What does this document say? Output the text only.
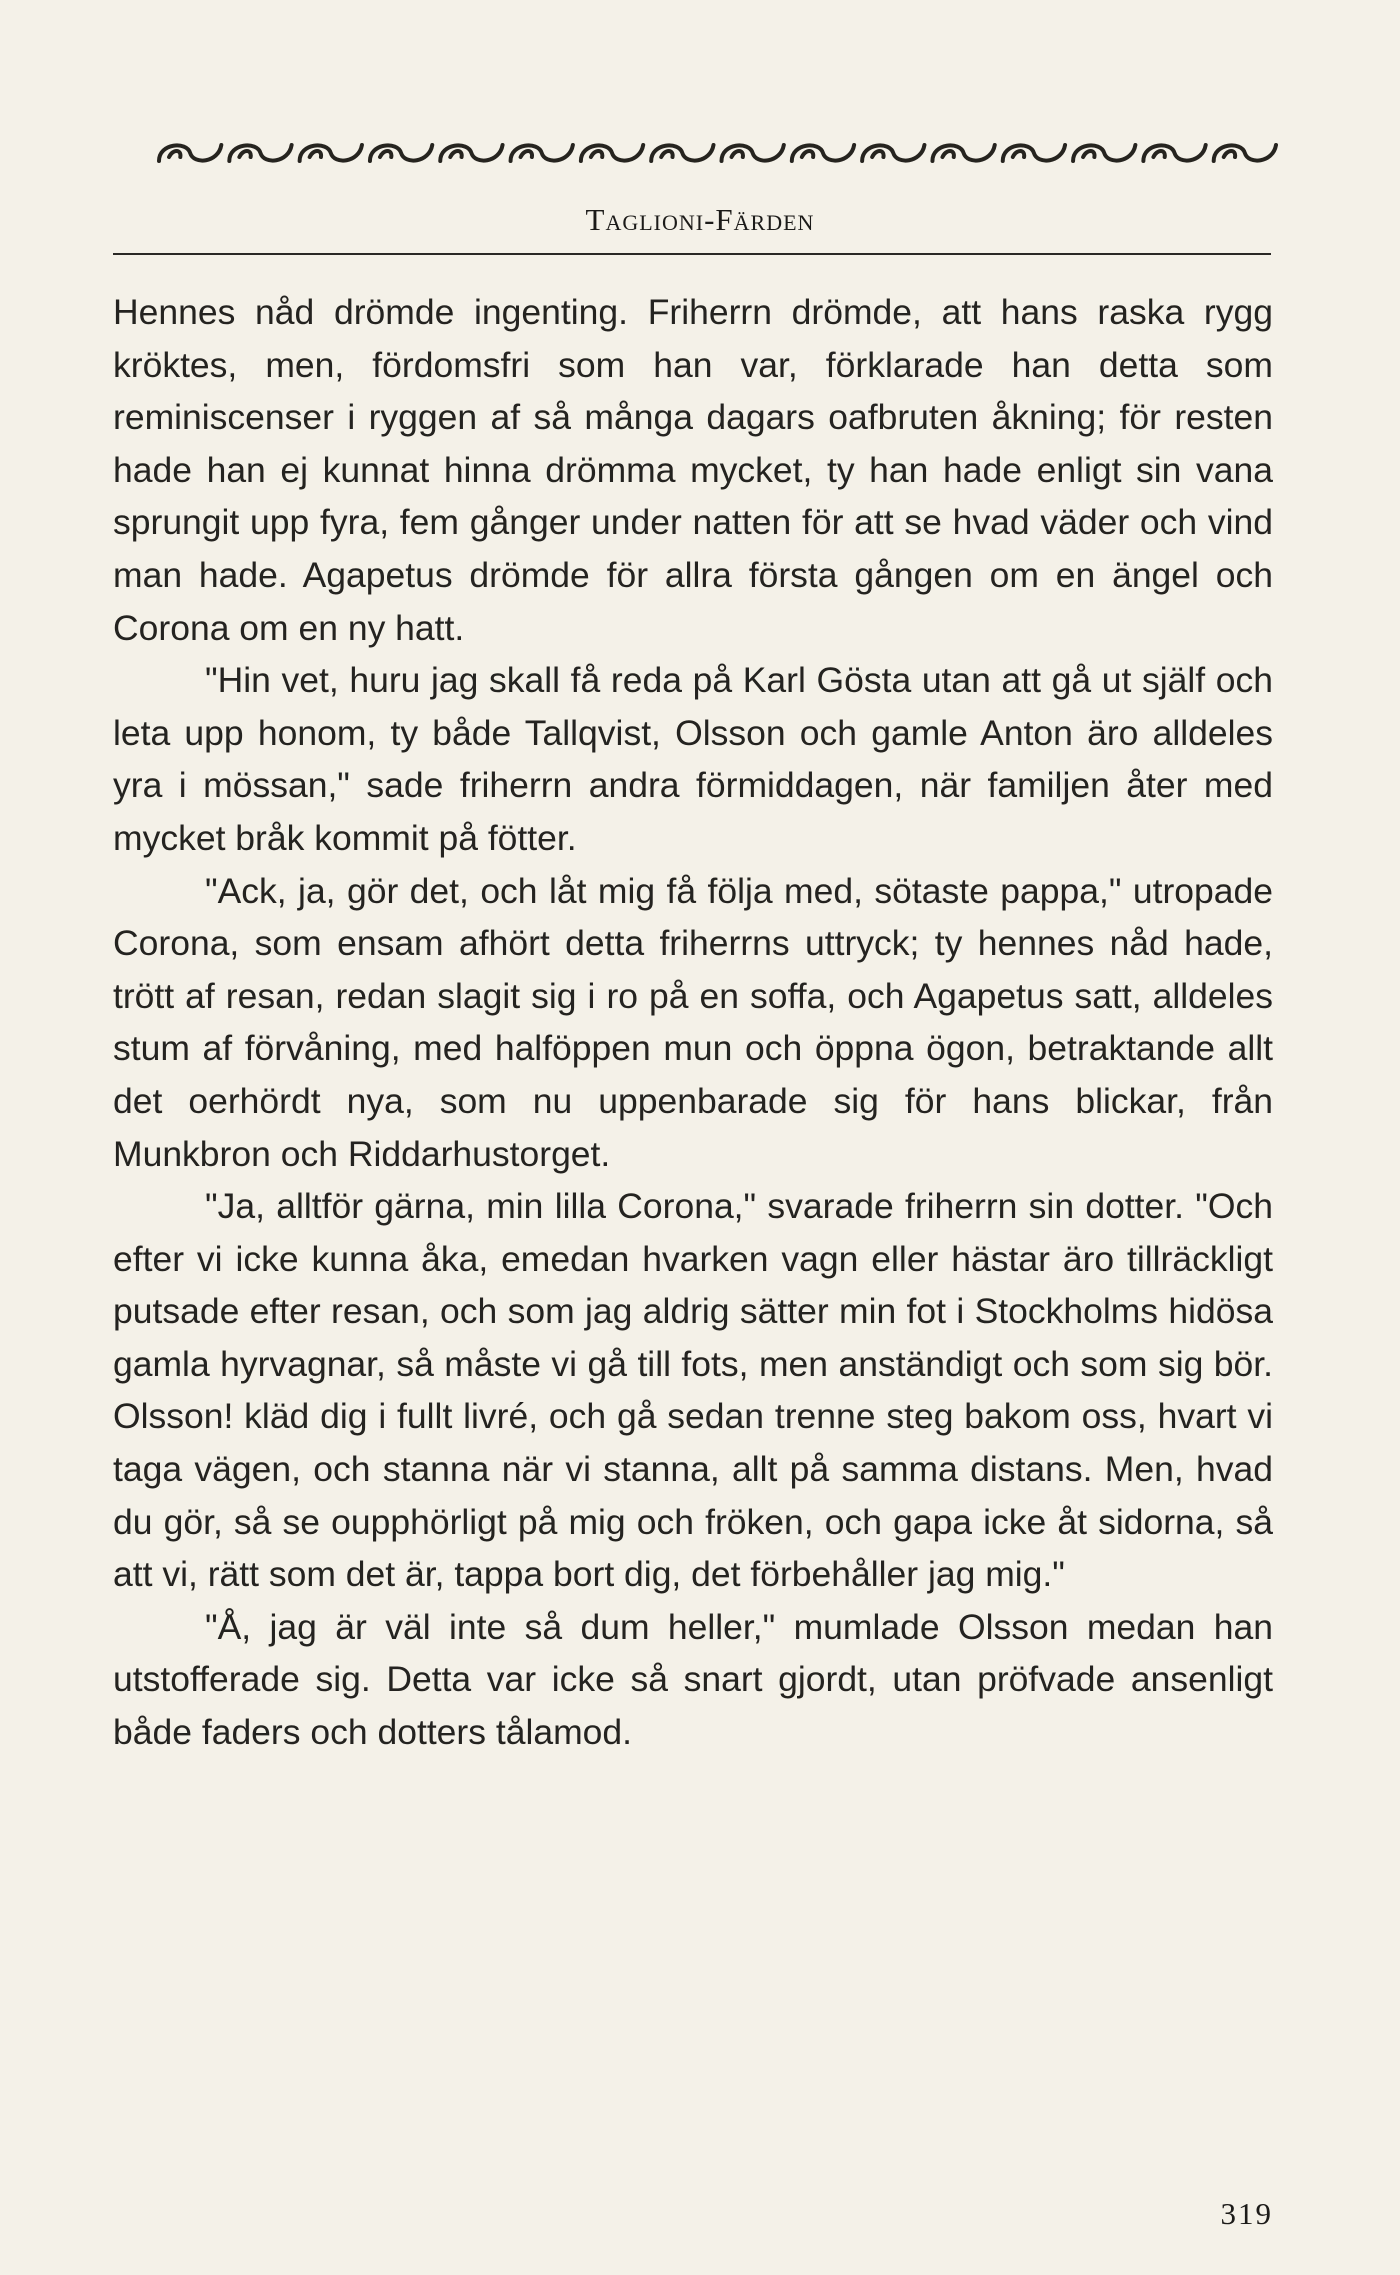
Taglioni-Färden

Hennes nåd drömde ingenting. Friherrn drömde, att hans raska rygg kröktes, men, fördomsfri som han var, förklarade han detta som reminiscenser i ryggen af så många dagars oafbruten åkning; för resten hade han ej kunnat hinna drömma mycket, ty han hade enligt sin vana sprungit upp fyra, fem gånger under natten för att se hvad väder och vind man hade. Agapetus drömde för allra första gången om en ängel och Corona om en ny hatt.

"Hin vet, huru jag skall få reda på Karl Gösta utan att gå ut själf och leta upp honom, ty både Tallqvist, Olsson och gamle Anton äro alldeles yra i mössan," sade friherrn andra förmiddagen, när familjen åter med mycket bråk kommit på fötter.

"Ack, ja, gör det, och låt mig få följa med, sötaste pappa," utropade Corona, som ensam afhört detta friherrns uttryck; ty hennes nåd hade, trött af resan, redan slagit sig i ro på en soffa, och Agapetus satt, alldeles stum af förvåning, med halföppen mun och öppna ögon, betraktande allt det oerhördt nya, som nu uppenbarade sig för hans blickar, från Munkbron och Riddarhustorget.

"Ja, alltför gärna, min lilla Corona," svarade friherrn sin dotter. "Och efter vi icke kunna åka, emedan hvarken vagn eller hästar äro tillräckligt putsade efter resan, och som jag aldrig sätter min fot i Stockholms hidösa gamla hyrvagnar, så måste vi gå till fots, men anständigt och som sig bör. Olsson! kläd dig i fullt livré, och gå sedan trenne steg bakom oss, hvart vi taga vägen, och stanna när vi stanna, allt på samma distans. Men, hvad du gör, så se oupphörligt på mig och fröken, och gapa icke åt sidorna, så att vi, rätt som det är, tappa bort dig, det förbehåller jag mig."

"Å, jag är väl inte så dum heller," mumlade Olsson medan han utstofferade sig. Detta var icke så snart gjordt, utan pröfvade ansenligt både faders och dotters tålamod.

319
